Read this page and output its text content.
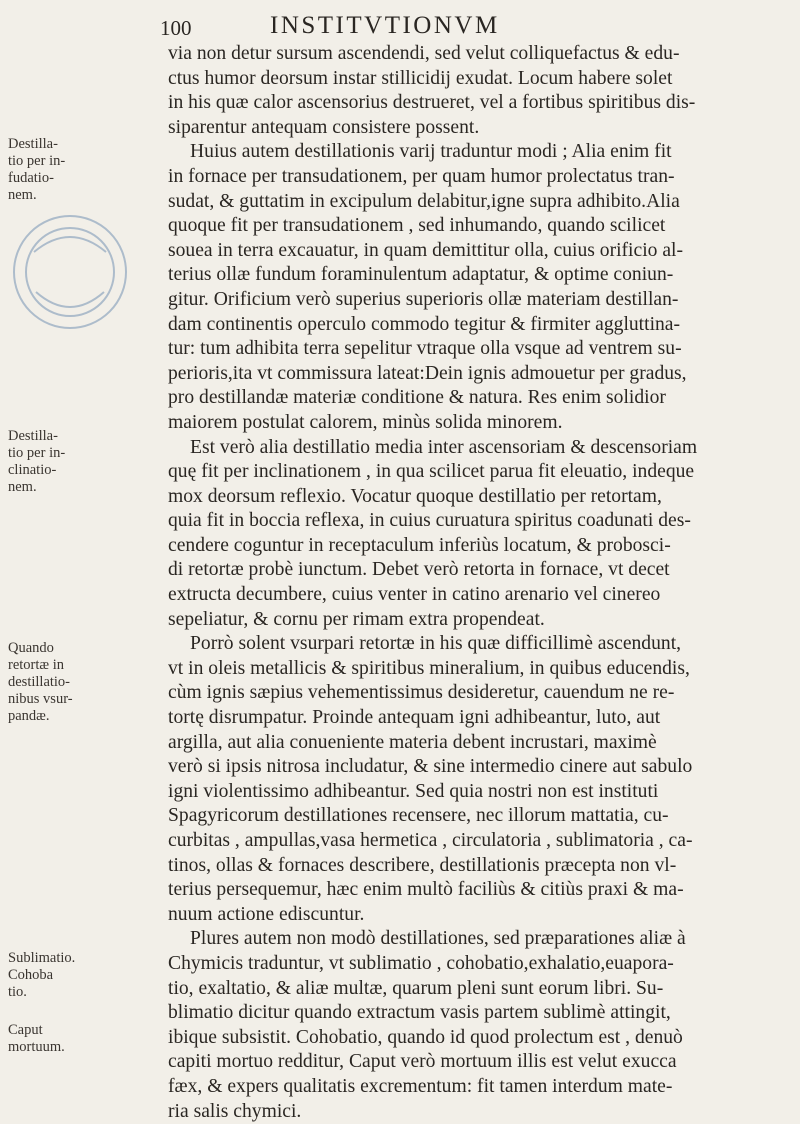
100	INSTITVTIONVM
Destilla-
tio per in-
fudatio-
nem.
Destilla-
tio per in-
clinatio-
nem.
Quando
retortæ in
destillatio-
nibus vsur-
pandæ.
Sublimatio.
Cohoba
tio.
Caput
mortuum.
via non detur sursum ascendendi, sed velut colliquefactus & edu-
ctus humor deorsum instar stillicidij exudat. Locum habere solet
in his quæ calor ascensorius destrueret, vel a fortibus spiritibus dis-
siparentur antequam consistere possent.
Huius autem destillationis varij traduntur modi ; Alia enim fit
in fornace per transudationem, per quam humor prolectatus tran-
sudat, & guttatim in excipulum delabitur,igne supra adhibito.Alia
quoque fit per transudationem , sed inhumando, quando scilicet
souea in terra excauatur, in quam demittitur olla, cuius orificio al-
terius ollæ fundum foraminulentum adaptatur, & optime coniun-
gitur. Orificium verò superius superioris ollæ materiam destillan-
dam continentis operculo commodo tegitur & firmiter aggluttina-
tur: tum adhibita terra sepelitur vtraque olla vsque ad ventrem su-
perioris,ita vt commissura lateat:Dein ignis admouetur per gradus,
pro destillandæ materiæ conditione & natura. Res enim solidior
maiorem postulat calorem, minùs solida minorem.
Est verò alia destillatio media inter ascensoriam & descensoriam
quę fit per inclinationem , in qua scilicet parua fit eleuatio, indeque
mox deorsum reflexio. Vocatur quoque destillatio per retortam,
quia fit in boccia reflexa, in cuius curuatura spiritus coadunati des-
cendere coguntur in receptaculum inferiùs locatum, & probosci-
di retortæ probè iunctum. Debet verò retorta in fornace, vt decet
extructa decumbere, cuius venter in catino arenario vel cinereo
sepeliatur, & cornu per rimam extra propendeat.
Porrò solent vsurpari retortæ in his quæ difficillimè ascendunt,
vt in oleis metallicis & spiritibus mineralium, in quibus educendis,
cùm ignis sæpius vehementissimus desideretur, cauendum ne re-
tortę disrumpatur. Proinde antequam igni adhibeantur, luto, aut
argilla, aut alia conueniente materia debent incrustari, maximè
verò si ipsis nitrosa includatur, & sine intermedio cinere aut sabulo
igni violentissimo adhibeantur. Sed quia nostri non est instituti
Spagyricorum destillationes recensere, nec illorum mattatia, cu-
curbitas , ampullas,vasa hermetica , circulatoria , sublimatoria , ca-
tinos, ollas & fornaces describere, destillationis præcepta non vl-
terius persequemur, hæc enim multò faciliùs & citiùs praxi & ma-
nuum actione ediscuntur.
Plures autem non modò destillationes, sed præparationes aliæ à
Chymicis traduntur, vt sublimatio , cohobatio,exhalatio,euapora-
tio, exaltatio, & aliæ multæ, quarum pleni sunt eorum libri. Su-
blimatio dicitur quando extractum vasis partem sublimè attingit,
ibique subsistit. Cohobatio, quando id quod prolectum est , denuò
capiti mortuo redditur, Caput verò mortuum illis est velut exucca
fæx, & expers qualitatis excrementum: fit tamen interdum mate-
ria salis chymici.
